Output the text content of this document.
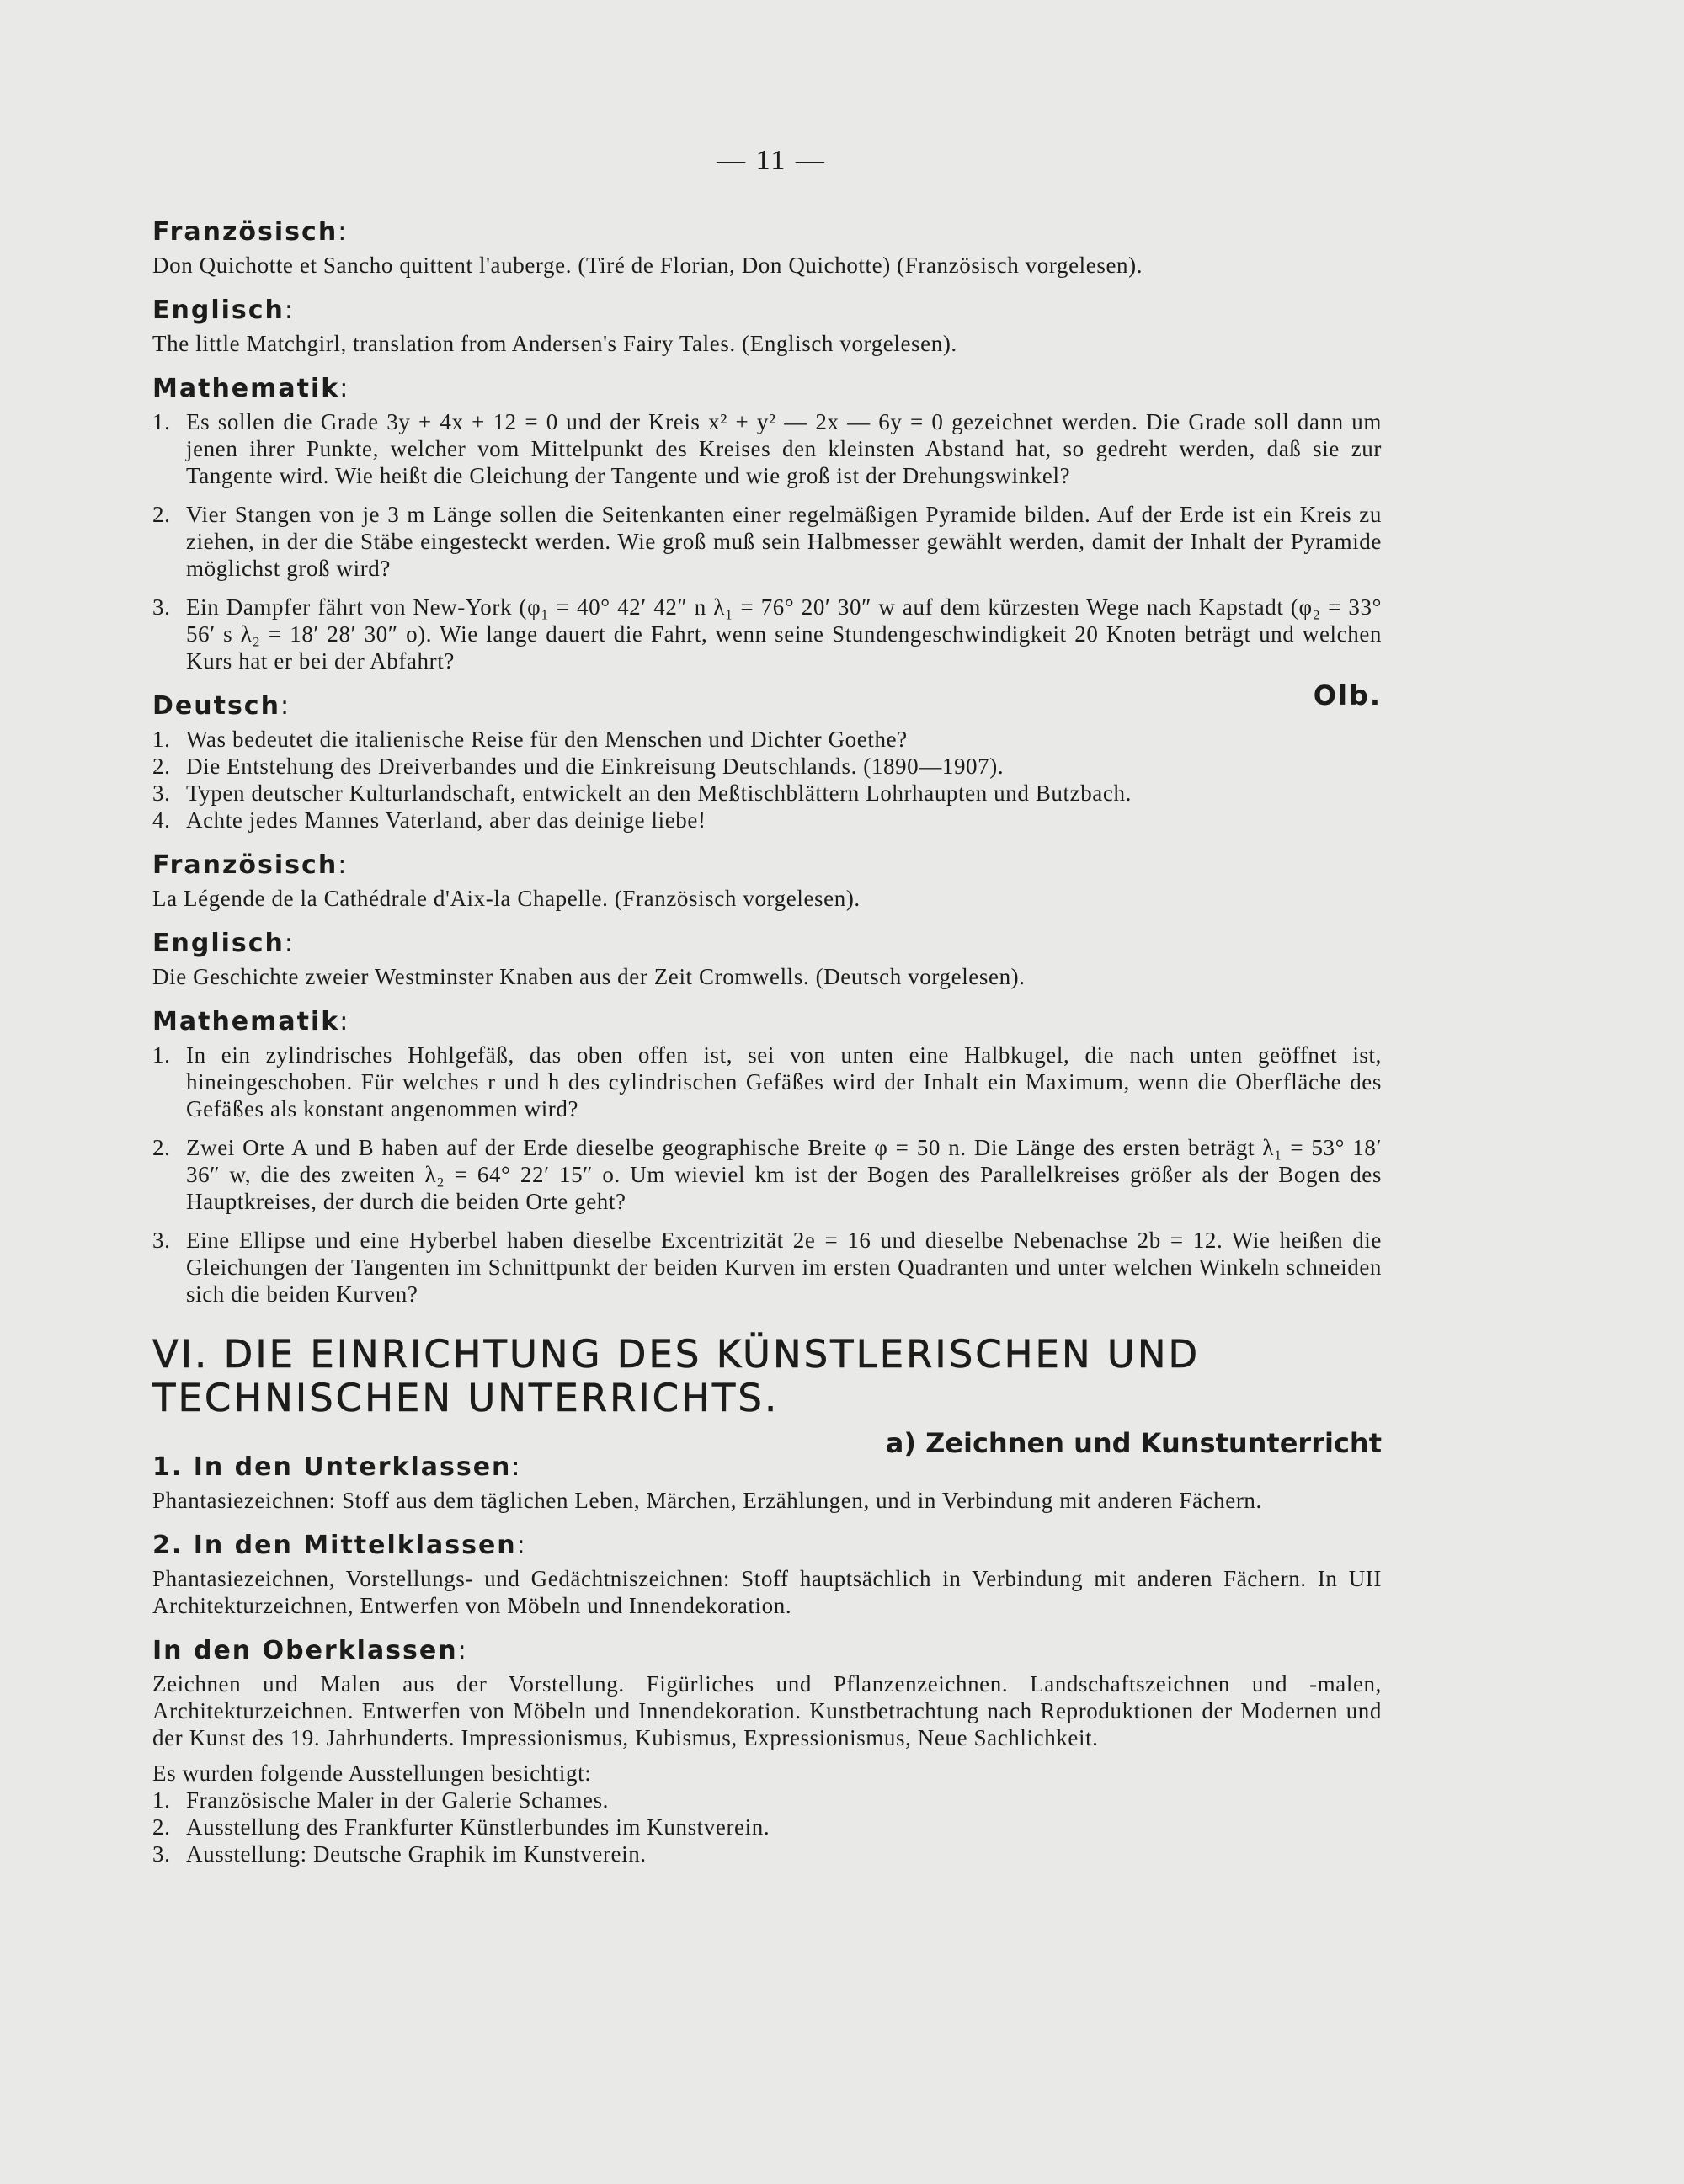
— 11 —
Französisch:
Don Quichotte et Sancho quittent l'auberge. (Tiré de Florian, Don Quichotte) (Französisch vorgelesen).
Englisch:
The little Matchgirl, translation from Andersen's Fairy Tales. (Englisch vorgelesen).
Mathematik:
1. Es sollen die Grade 3y + 4x + 12 = 0 und der Kreis x² + y² — 2x — 6y = 0 gezeichnet werden. Die Grade soll dann um jenen ihrer Punkte, welcher vom Mittelpunkt des Kreises den kleinsten Abstand hat, so gedreht werden, daß sie zur Tangente wird. Wie heißt die Gleichung der Tangente und wie groß ist der Drehungswinkel?
2. Vier Stangen von je 3 m Länge sollen die Seitenkanten einer regelmäßigen Pyramide bilden. Auf der Erde ist ein Kreis zu ziehen, in der die Stäbe eingesteckt werden. Wie groß muß sein Halbmesser gewählt werden, damit der Inhalt der Pyramide möglichst groß wird?
3. Ein Dampfer fährt von New-York (φ₁ = 40° 42′ 42″ n λ₁ = 76° 20′ 30″ w auf dem kürzesten Wege nach Kapstadt (φ₂ = 33° 56′ s λ₂ = 18′ 28′ 30″ o). Wie lange dauert die Fahrt, wenn seine Stundengeschwindigkeit 20 Knoten beträgt und welchen Kurs hat er bei der Abfahrt?
Olb.
Deutsch:
1. Was bedeutet die italienische Reise für den Menschen und Dichter Goethe?
2. Die Entstehung des Dreiverbandes und die Einkreisung Deutschlands. (1890—1907).
3. Typen deutscher Kulturlandschaft, entwickelt an den Meßtischblättern Lohrhaupten und Butzbach.
4. Achte jedes Mannes Vaterland, aber das deinige liebe!
Französisch:
La Légende de la Cathédrale d'Aix-la Chapelle. (Französisch vorgelesen).
Englisch:
Die Geschichte zweier Westminster Knaben aus der Zeit Cromwells. (Deutsch vorgelesen).
Mathematik:
1. In ein zylindrisches Hohlgefäß, das oben offen ist, sei von unten eine Halbkugel, die nach unten geöffnet ist, hineingeschoben. Für welches r und h des cylindrischen Gefäßes wird der Inhalt ein Maximum, wenn die Oberfläche des Gefäßes als konstant angenommen wird?
2. Zwei Orte A und B haben auf der Erde dieselbe geographische Breite φ = 50 n. Die Länge des ersten beträgt λ₁ = 53° 18′ 36″ w, die des zweiten λ₂ = 64° 22′ 15″ o. Um wieviel km ist der Bogen des Parallelkreises größer als der Bogen des Hauptkreises, der durch die beiden Orte geht?
3. Eine Ellipse und eine Hyberbel haben dieselbe Excentrizität 2e = 16 und dieselbe Nebenachse 2b = 12. Wie heißen die Gleichungen der Tangenten im Schnittpunkt der beiden Kurven im ersten Quadranten und unter welchen Winkeln schneiden sich die beiden Kurven?
VI. DIE EINRICHTUNG DES KÜNSTLERISCHEN UND
TECHNISCHEN UNTERRICHTS.
a) Zeichnen und Kunstunterricht
1. In den Unterklassen:
Phantasiezeichnen: Stoff aus dem täglichen Leben, Märchen, Erzählungen, und in Verbindung mit anderen Fächern.
2. In den Mittelklassen:
Phantasiezeichnen, Vorstellungs- und Gedächtniszeichnen: Stoff hauptsächlich in Verbindung mit anderen Fächern. In UII Architekturzeichnen, Entwerfen von Möbeln und Innendekoration.
In den Oberklassen:
Zeichnen und Malen aus der Vorstellung. Figürliches und Pflanzenzeichnen. Landschaftszeichnen und -malen, Architekturzeichnen. Entwerfen von Möbeln und Innendekoration. Kunstbetrachtung nach Reproduktionen der Modernen und der Kunst des 19. Jahrhunderts. Impressionismus, Kubismus, Expressionismus, Neue Sachlichkeit.
Es wurden folgende Ausstellungen besichtigt:
1. Französische Maler in der Galerie Schames.
2. Ausstellung des Frankfurter Künstlerbundes im Kunstverein.
3. Ausstellung: Deutsche Graphik im Kunstverein.
